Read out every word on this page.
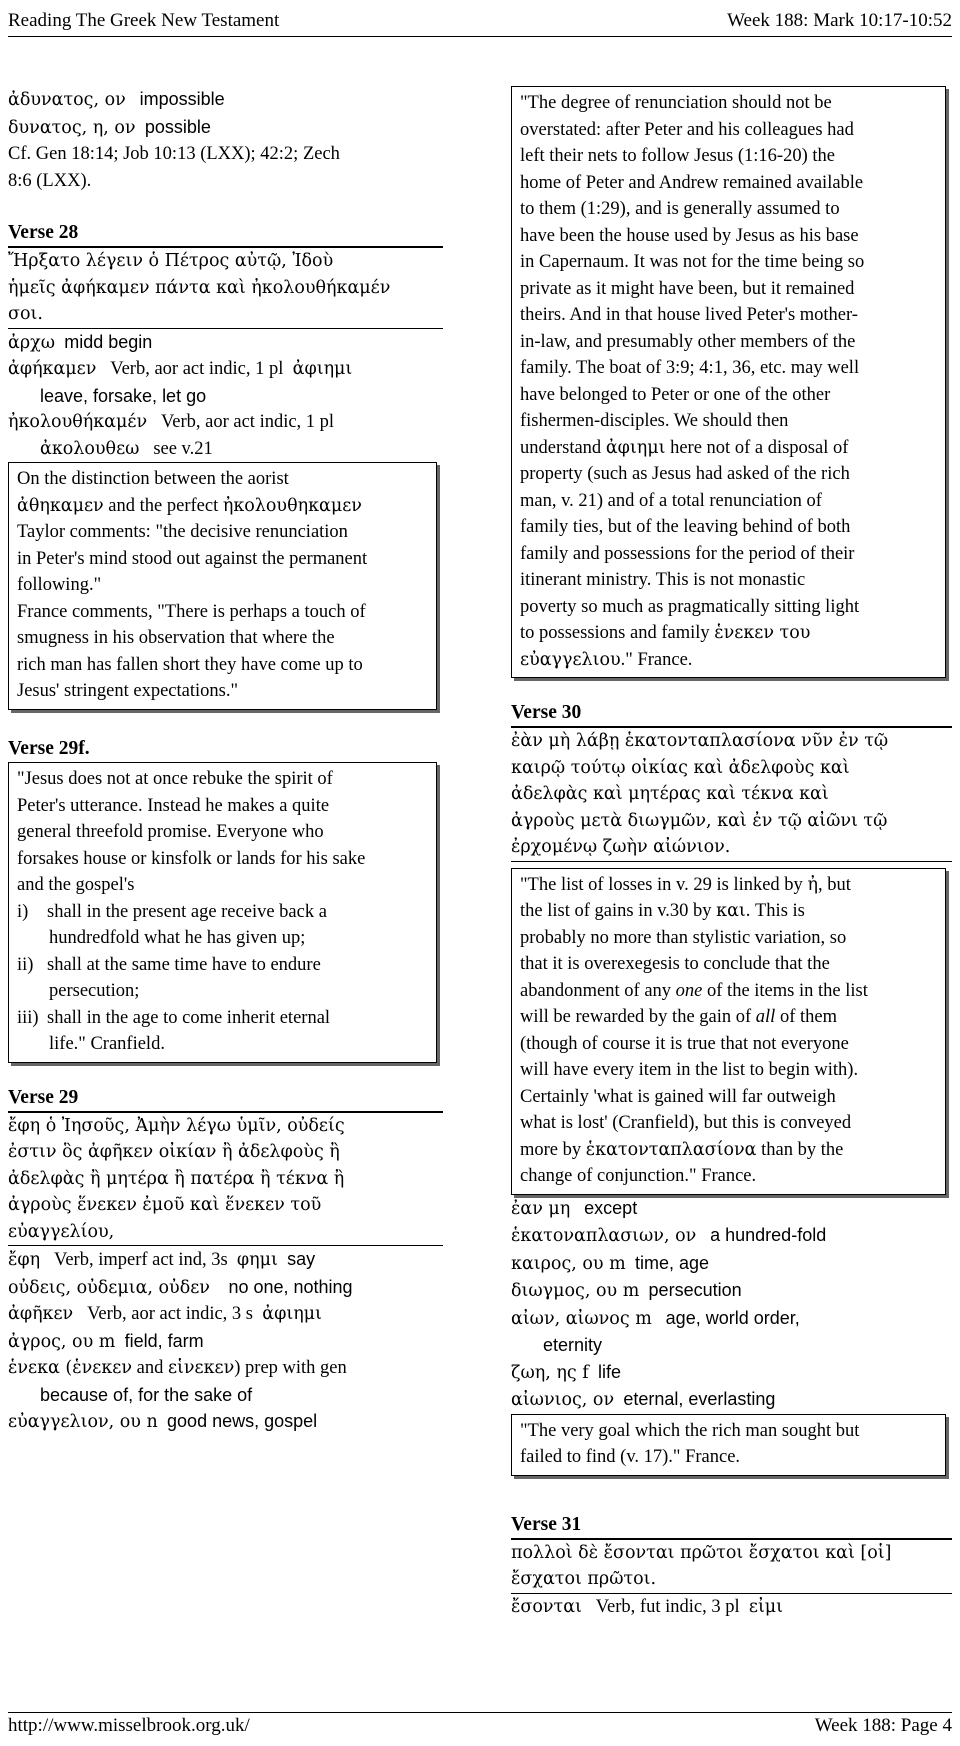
Reading The Greek New Testament	Week 188: Mark 10:17-10:52
ἀδυνατος, ον impossible
δυνατος, η, ον possible
Cf. Gen 18:14; Job 10:13 (LXX); 42:2; Zech
8:6 (LXX).
Verse 28
Ἤρξατο λέγειν ὁ Πέτρος αὐτῷ, Ἰδοὺ
ἡμεῖς ἀφήκαμεν πάντα καὶ ἠκολουθήκαμέν
σοι.
ἀρχω midd begin
ἀφήκαμεν Verb, aor act indic, 1 pl ἀφιημι
leave, forsake, let go
ἠκολουθήκαμέν Verb, aor act indic, 1 pl
ἀκολουθεω see v.21
On the distinction between the aorist
ἀθηκαμεν and the perfect ἠκολουθηκαμεν
Taylor comments: "the decisive renunciation
in Peter's mind stood out against the permanent
following."
France comments, "There is perhaps a touch of
smugness in his observation that where the
rich man has fallen short they have come up to
Jesus' stringent expectations."
Verse 29f.
"Jesus does not at once rebuke the spirit of
Peter's utterance. Instead he makes a quite
general threefold promise. Everyone who
forsakes house or kinsfolk or lands for his sake
and the gospel's
i) shall in the present age receive back a
hundredfold what he has given up;
ii) shall at the same time have to endure
persecution;
iii) shall in the age to come inherit eternal
life." Cranfield.
Verse 29
ἔφη ὁ Ἰησοῦς, Ἀμὴν λέγω ὑμῖν, οὐδείς
ἐστιν ὃς ἀφῆκεν οἰκίαν ἢ ἀδελφοὺς ἢ
ἀδελφὰς ἢ μητέρα ἢ πατέρα ἢ τέκνα ἢ
ἀγροὺς ἕνεκεν ἐμοῦ καὶ ἕνεκεν τοῦ
εὐαγγελίου,
ἔφη Verb, imperf act ind, 3s φημι say
οὐδεις, οὐδεμια, οὐδεν no one, nothing
ἀφῆκεν Verb, aor act indic, 3 s ἀφιημι
ἀγρος, ου m field, farm
ἑνεκα (ἑνεκεν and εἱνεκεν) prep with gen
because of, for the sake of
εὐαγγελιον, ου n good news, gospel
"The degree of renunciation should not be
overstated: after Peter and his colleagues had
left their nets to follow Jesus (1:16-20) the
home of Peter and Andrew remained available
to them (1:29), and is generally assumed to
have been the house used by Jesus as his base
in Capernaum. It was not for the time being so
private as it might have been, but it remained
theirs. And in that house lived Peter's mother-
in-law, and presumably other members of the
family. The boat of 3:9; 4:1, 36, etc. may well
have belonged to Peter or one of the other
fishermen-disciples. We should then
understand ἀφιημι here not of a disposal of
property (such as Jesus had asked of the rich
man, v. 21) and of a total renunciation of
family ties, but of the leaving behind of both
family and possessions for the period of their
itinerant ministry. This is not monastic
poverty so much as pragmatically sitting light
to possessions and family ἑνεκεν του
εὐαγγελιου." France.
Verse 30
ἐὰν μὴ λάβῃ ἑκατονταπλασίονα νῦν ἐν τῷ
καιρῷ τούτῳ οἰκίας καὶ ἀδελφοὺς καὶ
ἀδελφὰς καὶ μητέρας καὶ τέκνα καὶ
ἀγροὺς μετὰ διωγμῶν, καὶ ἐν τῷ αἰῶνι τῷ
ἐρχομένῳ ζωὴν αἰώνιον.
"The list of losses in v. 29 is linked by ἠ, but
the list of gains in v.30 by και. This is
probably no more than stylistic variation, so
that it is overexegesis to conclude that the
abandonment of any one of the items in the list
will be rewarded by the gain of all of them
(though of course it is true that not everyone
will have every item in the list to begin with).
Certainly 'what is gained will far outweigh
what is lost' (Cranfield), but this is conveyed
more by ἑκατονταπλασίονα than by the
change of conjunction." France.
ἐαν μη except
ἑκατοναπλασιων, ον a hundred-fold
καιρος, ου m time, age
διωγμος, ου m persecution
αἰων, αἰωνος m age, world order,
eternity
ζωη, ης f life
αἰωνιος, ον eternal, everlasting
"The very goal which the rich man sought but
failed to find (v. 17)." France.
Verse 31
πολλοὶ δὲ ἔσονται πρῶτοι ἔσχατοι καὶ [οἱ]
ἔσχατοι πρῶτοι.
ἔσονται Verb, fut indic, 3 pl εἰμι
http://www.misselbrook.org.uk/	Week 188: Page 4
